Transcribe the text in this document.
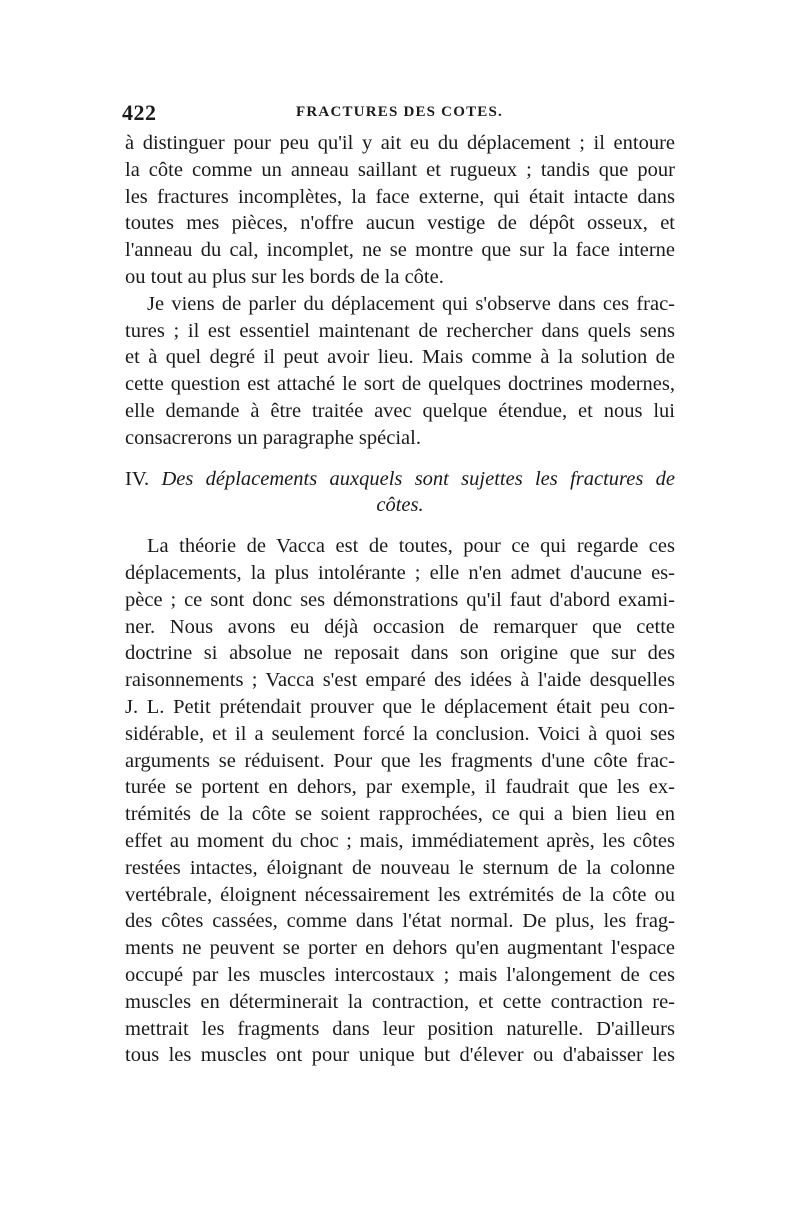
422	FRACTURES DES COTES.
à distinguer pour peu qu'il y ait eu du déplacement ; il entoure
la côte comme un anneau saillant et rugueux ; tandis que pour
les fractures incomplètes, la face externe, qui était intacte dans
toutes mes pièces, n'offre aucun vestige de dépôt osseux, et
l'anneau du cal, incomplet, ne se montre que sur la face interne
ou tout au plus sur les bords de la côte.
Je viens de parler du déplacement qui s'observe dans ces frac-
tures ; il est essentiel maintenant de rechercher dans quels sens
et à quel degré il peut avoir lieu. Mais comme à la solution de
cette question est attaché le sort de quelques doctrines modernes,
elle demande à être traitée avec quelque étendue, et nous lui
consacrerons un paragraphe spécial.
IV. Des déplacements auxquels sont sujettes les fractures de
côtes.
La théorie de Vacca est de toutes, pour ce qui regarde ces
déplacements, la plus intolérante ; elle n'en admet d'aucune es-
pèce ; ce sont donc ses démonstrations qu'il faut d'abord exami-
ner. Nous avons eu déjà occasion de remarquer que cette
doctrine si absolue ne reposait dans son origine que sur des
raisonnements ; Vacca s'est emparé des idées à l'aide desquelles
J. L. Petit prétendait prouver que le déplacement était peu con-
sidérable, et il a seulement forcé la conclusion. Voici à quoi ses
arguments se réduisent. Pour que les fragments d'une côte frac-
turée se portent en dehors, par exemple, il faudrait que les ex-
trémités de la côte se soient rapprochées, ce qui a bien lieu en
effet au moment du choc ; mais, immédiatement après, les côtes
restées intactes, éloignant de nouveau le sternum de la colonne
vertébrale, éloignent nécessairement les extrémités de la côte ou
des côtes cassées, comme dans l'état normal. De plus, les frag-
ments ne peuvent se porter en dehors qu'en augmentant l'espace
occupé par les muscles intercostaux ; mais l'alongement de ces
muscles en déterminerait la contraction, et cette contraction re-
mettrait les fragments dans leur position naturelle. D'ailleurs
tous les muscles ont pour unique but d'élever ou d'abaisser les
